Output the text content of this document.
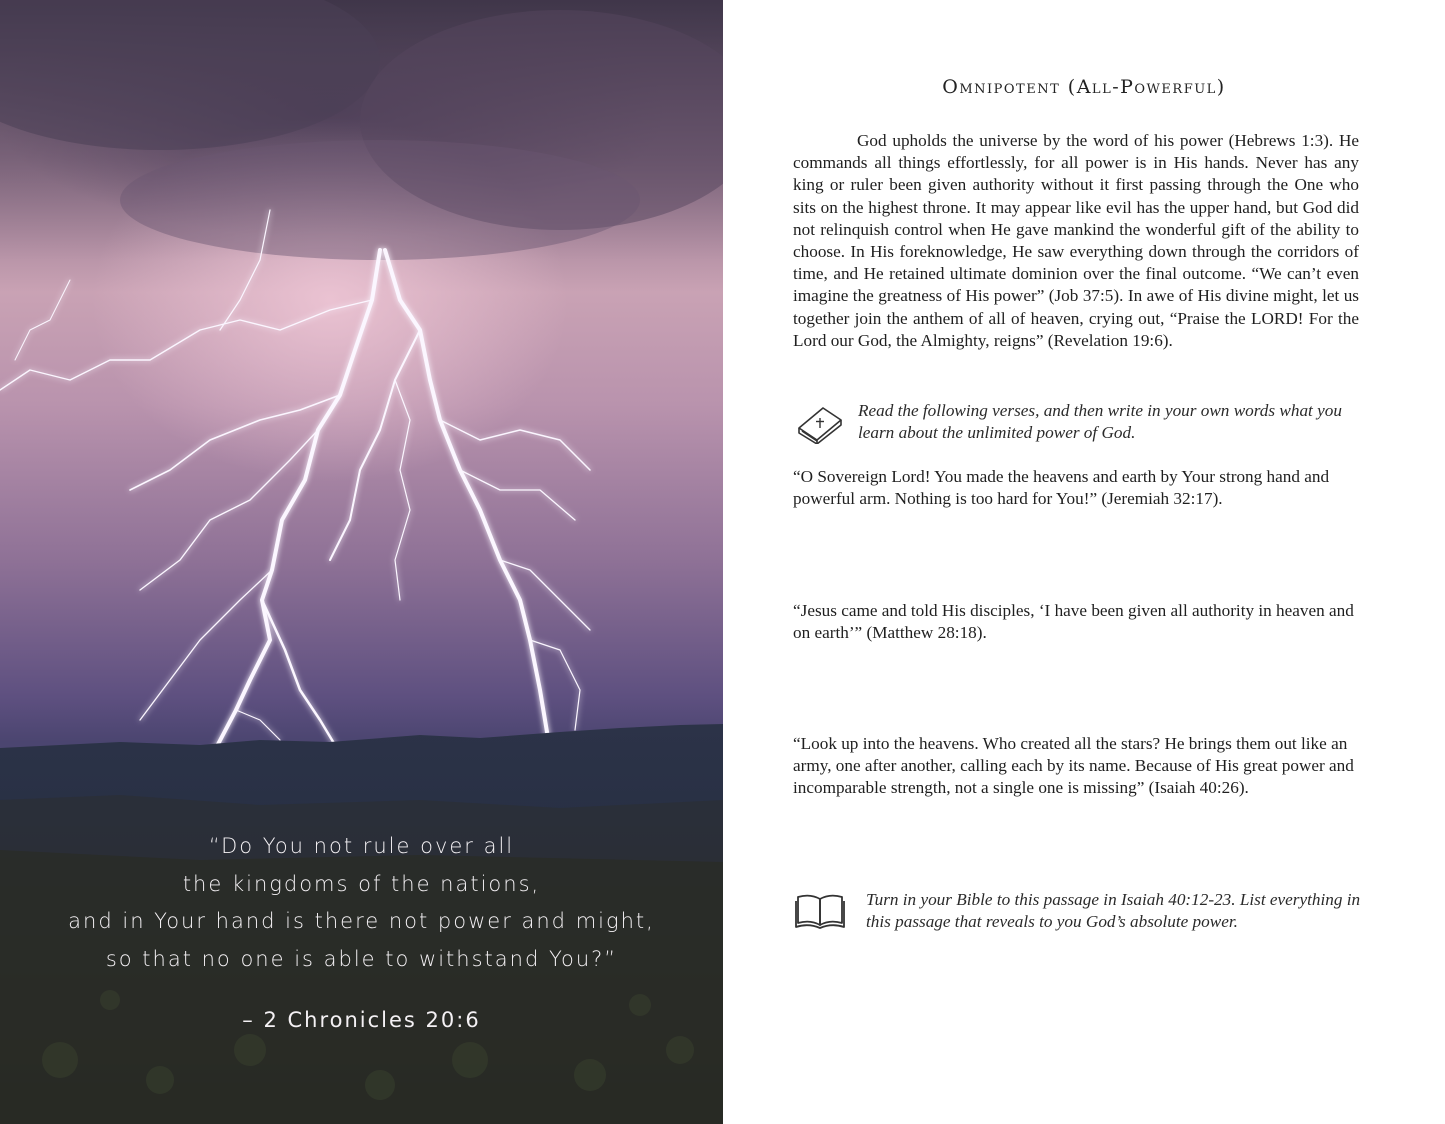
“Do You not rule over all
the kingdoms of the nations,
and in Your hand is there not power and might,
so that no one is able to withstand You?”
– 2 Chronicles 20:6
Omnipotent (All-Powerful)

God upholds the universe by the word of his power (Hebrews 1:3). He commands all things effortlessly, for all power is in His hands. Never has any king or ruler been given authority without it first passing through the One who sits on the highest throne. It may appear like evil has the upper hand, but God did not relinquish control when He gave mankind the wonderful gift of the ability to choose. In His foreknowledge, He saw everything down through the corridors of time, and He retained ultimate dominion over the final outcome. “We can’t even imagine the greatness of His power” (Job 37:5). In awe of His divine might, let us together join the anthem of all of heaven, crying out, “Praise the LORD! For the Lord our God, the Almighty, reigns” (Revelation 19:6).

Read the following verses, and then write in your own words what you learn about the unlimited power of God.

“O Sovereign Lord! You made the heavens and earth by Your strong hand and powerful arm. Nothing is too hard for You!” (Jeremiah 32:17).

“Jesus came and told His disciples, ‘I have been given all authority in heaven and on earth’” (Matthew 28:18).

“Look up into the heavens. Who created all the stars? He brings them out like an army, one after another, calling each by its name. Because of His great power and incomparable strength, not a single one is missing” (Isaiah 40:26).

Turn in your Bible to this passage in Isaiah 40:12-23. List everything in this passage that reveals to you God’s absolute power.
